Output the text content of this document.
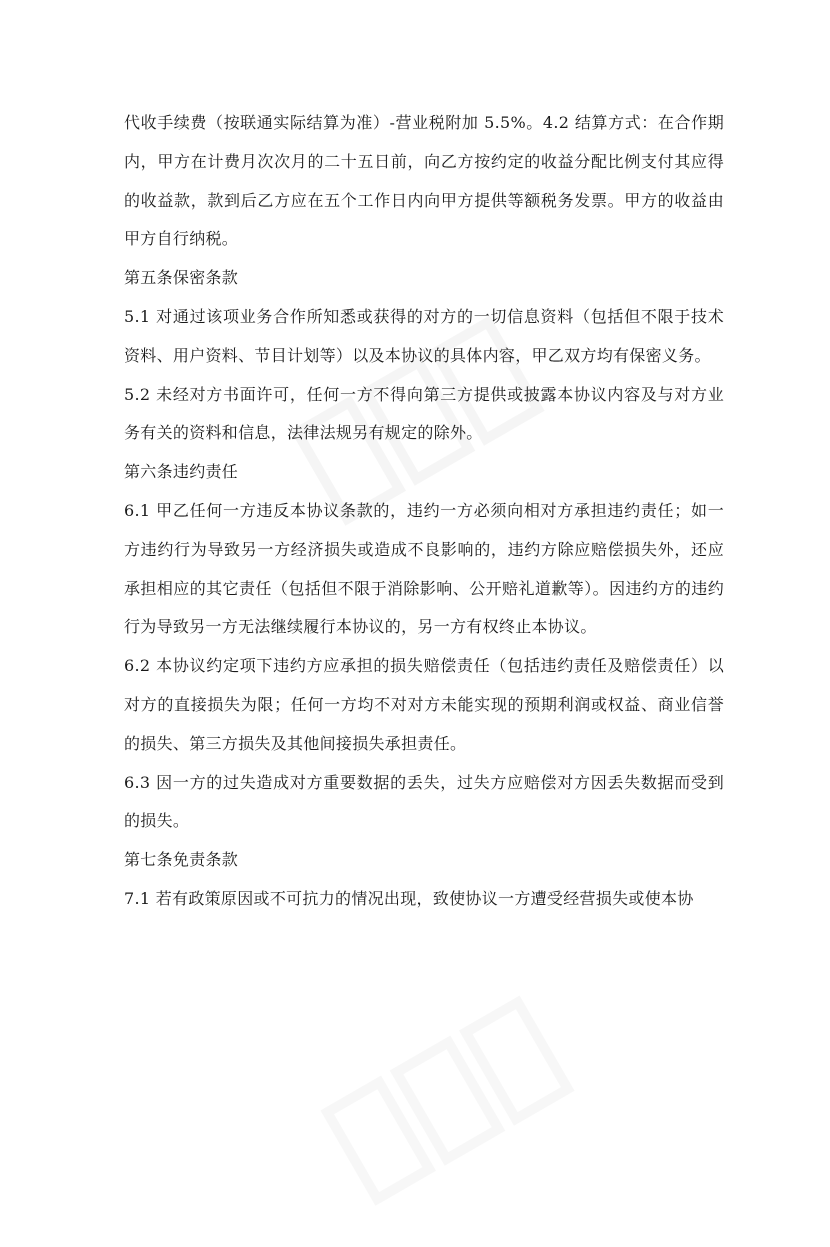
代收手续费（按联通实际结算为准）-营业税附加 5.5%。4.2 结算方式：在合作期内，甲方在计费月次次月的二十五日前，向乙方按约定的收益分配比例支付其应得的收益款，款到后乙方应在五个工作日内向甲方提供等额税务发票。甲方的收益由甲方自行纳税。

第五条保密条款

5.1 对通过该项业务合作所知悉或获得的对方的一切信息资料（包括但不限于技术资料、用户资料、节目计划等）以及本协议的具体内容，甲乙双方均有保密义务。

5.2 未经对方书面许可，任何一方不得向第三方提供或披露本协议内容及与对方业务有关的资料和信息，法律法规另有规定的除外。

第六条违约责任

6.1 甲乙任何一方违反本协议条款的，违约一方必须向相对方承担违约责任；如一方违约行为导致另一方经济损失或造成不良影响的，违约方除应赔偿损失外，还应承担相应的其它责任（包括但不限于消除影响、公开赔礼道歉等）。因违约方的违约行为导致另一方无法继续履行本协议的，另一方有权终止本协议。

6.2 本协议约定项下违约方应承担的损失赔偿责任（包括违约责任及赔偿责任）以对方的直接损失为限；任何一方均不对对方未能实现的预期利润或权益、商业信誉的损失、第三方损失及其他间接损失承担责任。

6.3 因一方的过失造成对方重要数据的丢失，过失方应赔偿对方因丢失数据而受到的损失。

第七条免责条款

7.1 若有政策原因或不可抗力的情况出现，致使协议一方遭受经营损失或使本协
